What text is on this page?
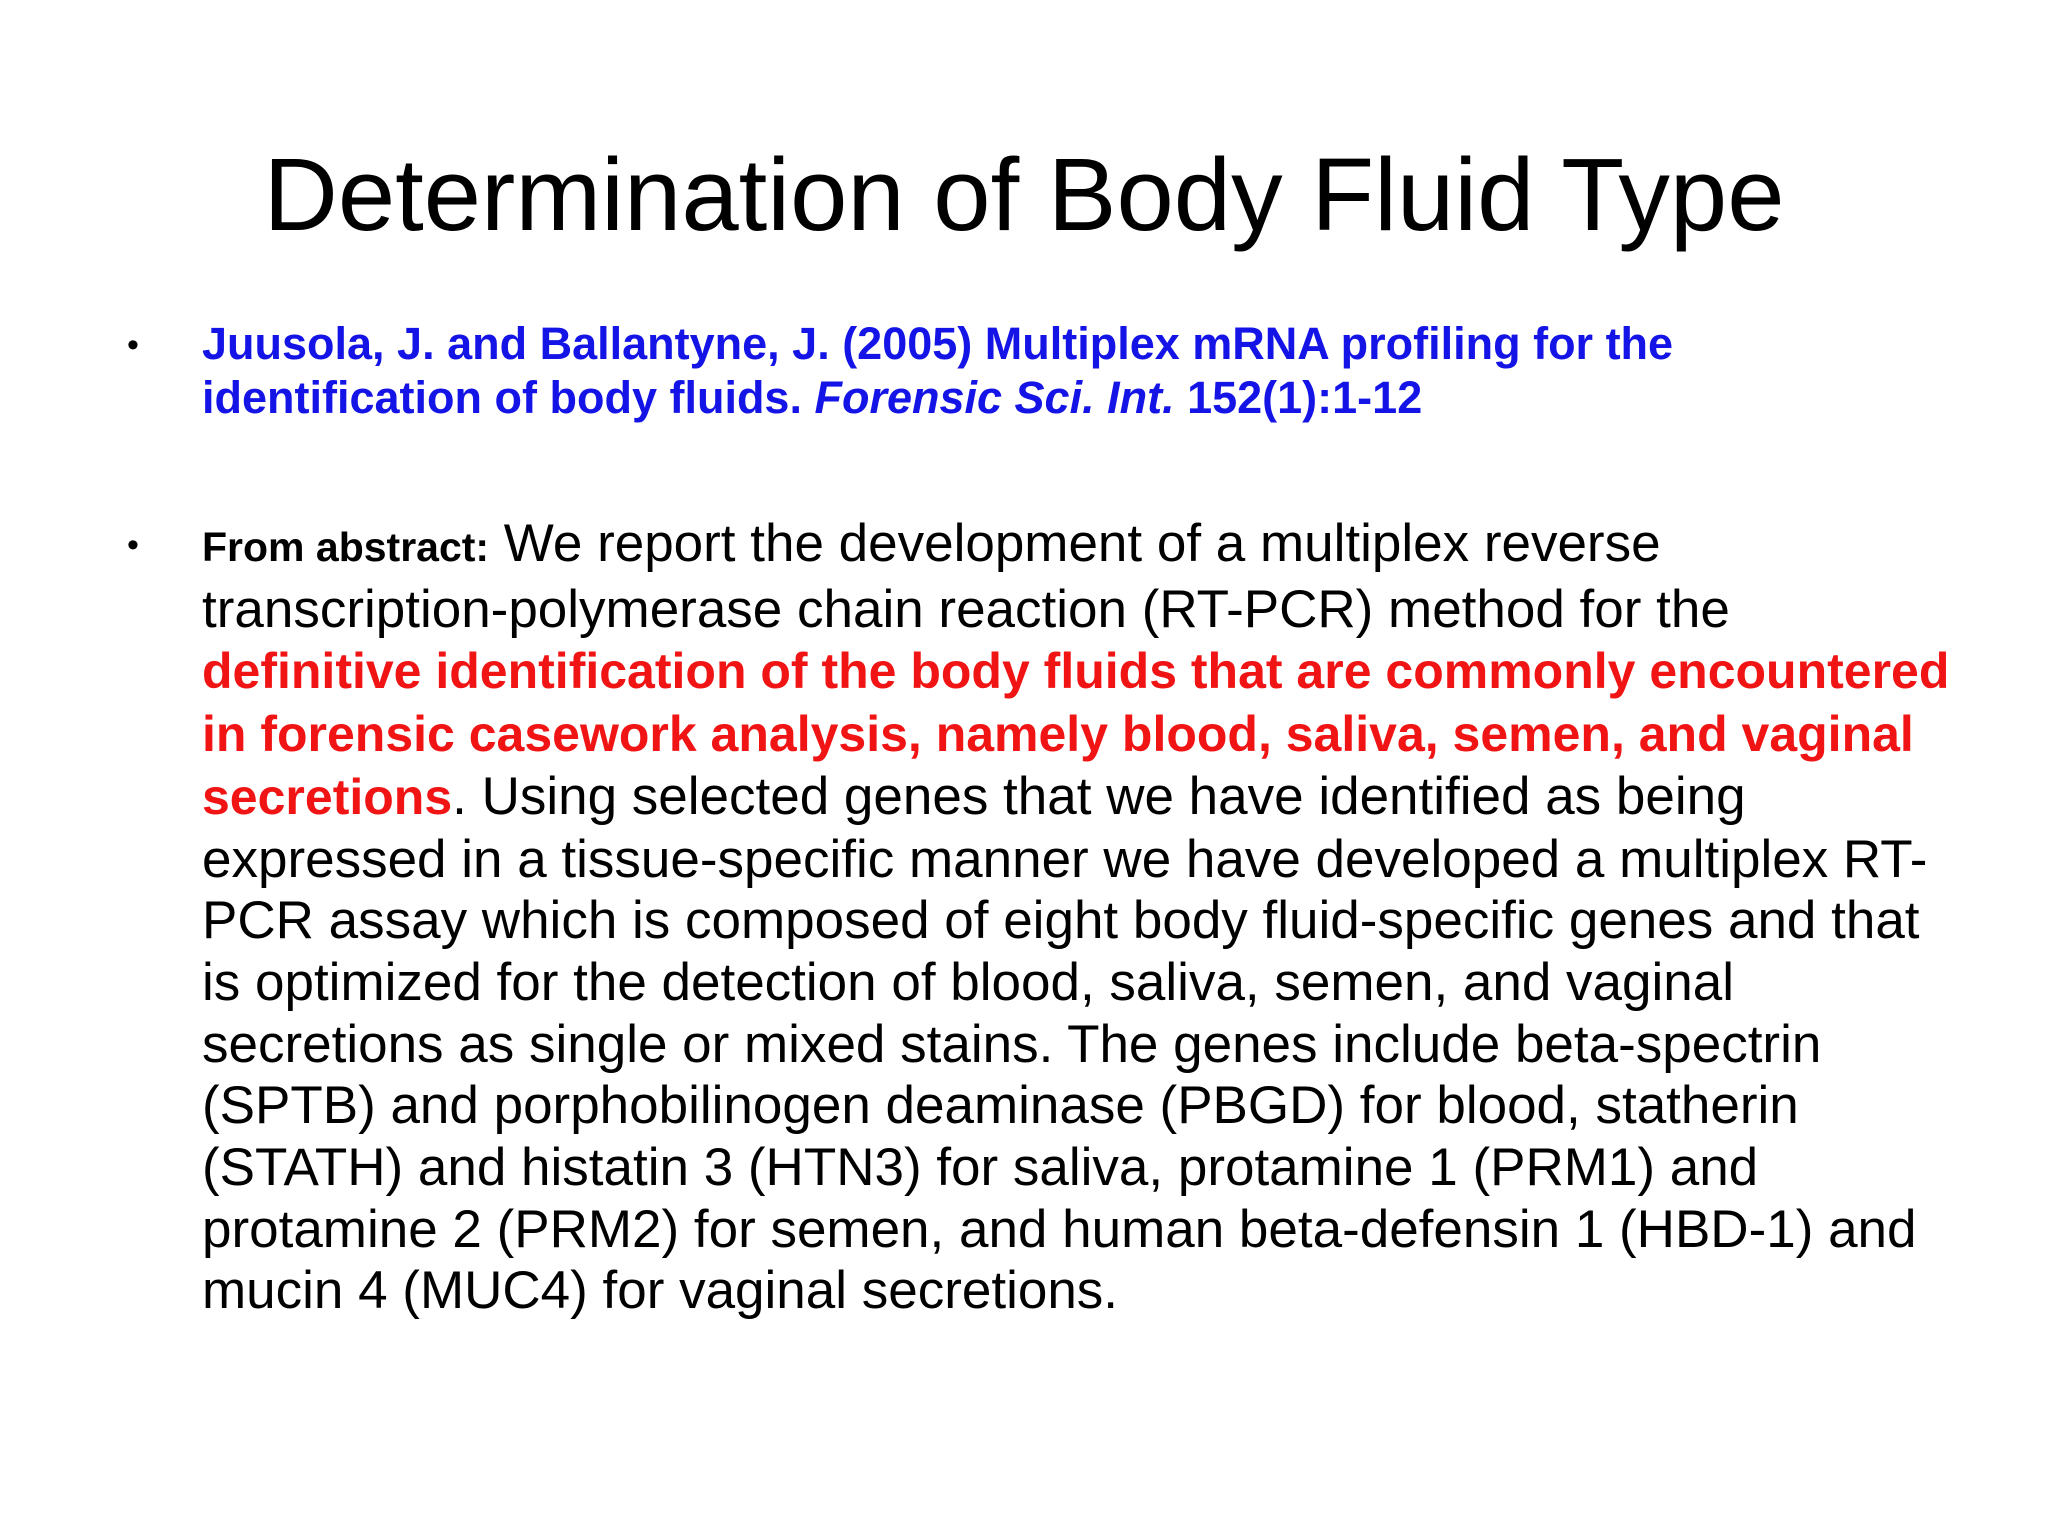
Determination of Body Fluid Type
• Juusola, J. and Ballantyne, J. (2005) Multiplex mRNA profiling for the identification of body fluids. Forensic Sci. Int. 152(1):1-12

• From abstract: We report the development of a multiplex reverse transcription-polymerase chain reaction (RT-PCR) method for the definitive identification of the body fluids that are commonly encountered in forensic casework analysis, namely blood, saliva, semen, and vaginal secretions. Using selected genes that we have identified as being expressed in a tissue-specific manner we have developed a multiplex RT-PCR assay which is composed of eight body fluid-specific genes and that is optimized for the detection of blood, saliva, semen, and vaginal secretions as single or mixed stains. The genes include beta-spectrin (SPTB) and porphobilinogen deaminase (PBGD) for blood, statherin (STATH) and histatin 3 (HTN3) for saliva, protamine 1 (PRM1) and protamine 2 (PRM2) for semen, and human beta-defensin 1 (HBD-1) and mucin 4 (MUC4) for vaginal secretions.
